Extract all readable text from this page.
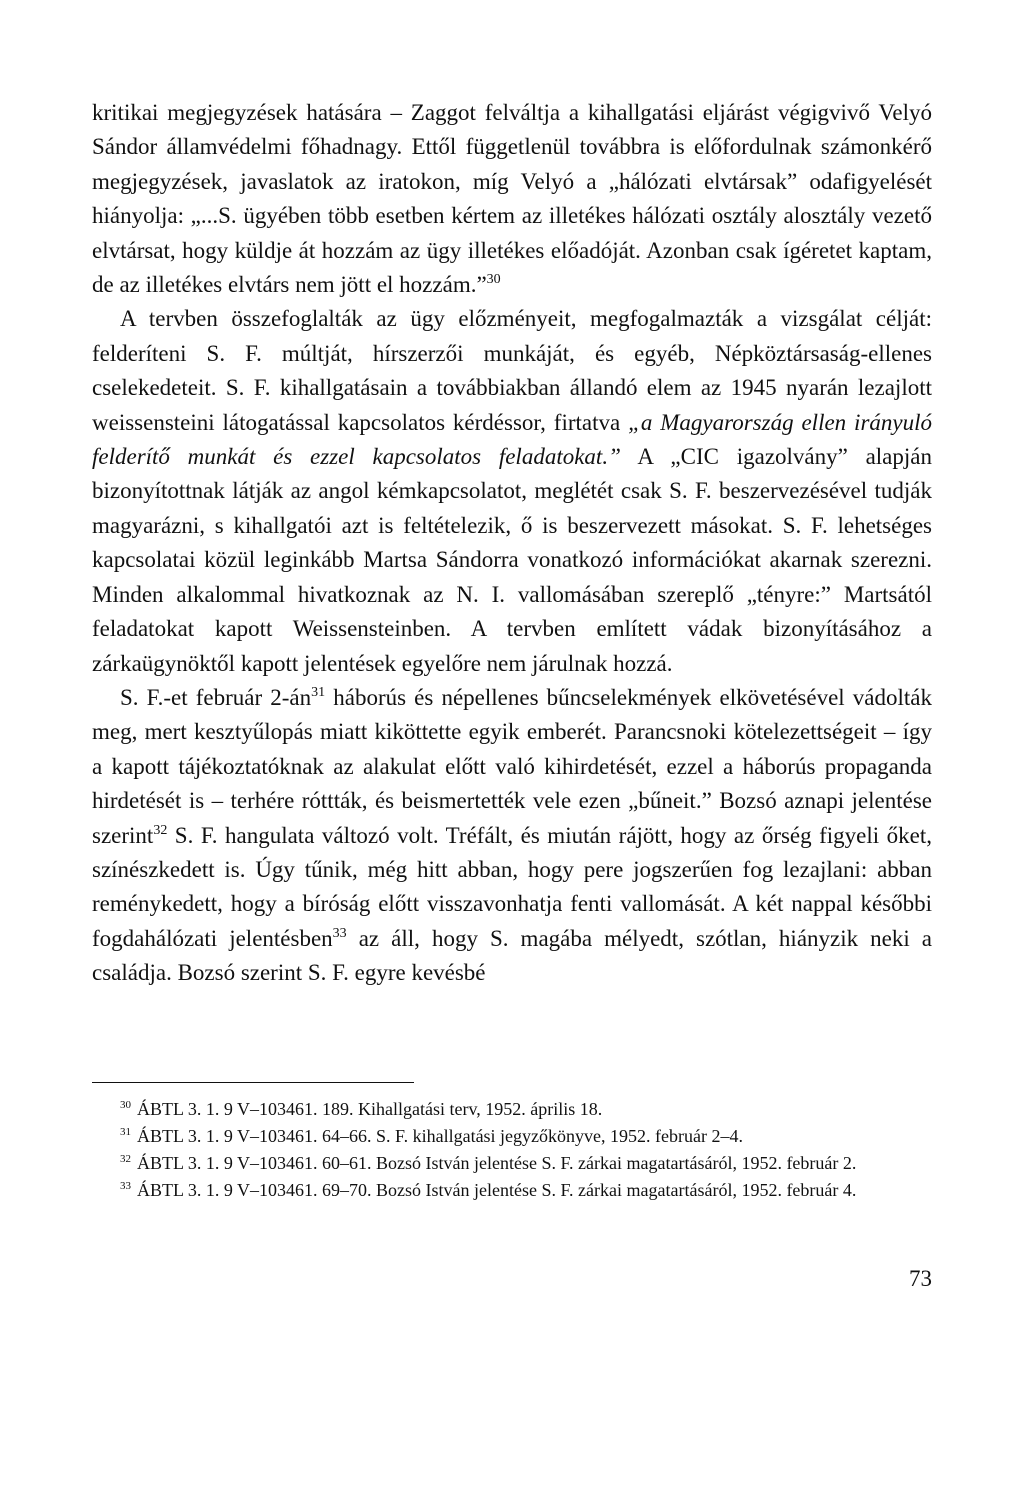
kritikai megjegyzések hatására – Zaggot felváltja a kihallgatási eljárást végigvivő Velyó Sándor államvédelmi főhadnagy. Ettől függetlenül továbbra is előfordulnak számonkérő megjegyzések, javaslatok az iratokon, míg Velyó a „hálózati elvtársak” odafigyelését hiányolja: „...S. ügyében több esetben kértem az illetékes hálózati osztály alosztály vezető elvtársat, hogy küldje át hozzám az ügy illetékes előadóját. Azonban csak ígéretet kaptam, de az illetékes elvtárs nem jött el hozzám.”$^{30}$

A tervben összefoglalták az ügy előzményeit, megfogalmazták a vizsgálat célját: felderíteni S. F. múltját, hírszerzői munkáját, és egyéb, Népköztársaság-ellenes cselekedeteit. S. F. kihallgatásain a továbbiakban állandó elem az 1945 nyarán lezajlott weissensteini látogatással kapcsolatos kérdéssor, firtatva „a Magyarország ellen irányuló felderítő munkát és ezzel kapcsolatos feladatokat.” A „CIC igazolvány” alapján bizonyítottnak látják az angol kémkapcsolatot, meglétét csak S. F. beszervezésével tudják magyarázni, s kihallgatói azt is feltételezik, ő is beszervezett másokat. S. F. lehetséges kapcsolatai közül leginkább Martsa Sándorra vonatkozó információkat akarnak szerezni. Minden alkalommal hivatkoznak az N. I. vallomásában szereplő „tényre:” Martsától feladatokat kapott Weissensteinben. A tervben említett vádak bizonyításához a zárkaügynöktől kapott jelentések egyelőre nem járulnak hozzá.

S. F.-et február $2-án^{31}$ háborús és népellenes bűncselekmények elkövetésével vádolták meg, mert kesztyűlopás miatt kiköttette egyik emberét. Parancsnoki kötelezettségeit – így a kapott tájékoztatóknak az alakulat előtt való kihirdetését, ezzel a háborús propaganda hirdetését is – terhére róttták, és beismertették vele ezen „bűneit.” Bozsó aznapi jelentése szerint$^{32}$ S. F. hangulata változó volt. Tréfált, és miután rájött, hogy az őrség figyeli őket, színészkedett is. Úgy tűnik, még hitt abban, hogy pere jogszerűen fog lezajlani: abban reménykedett, hogy a bíróság előtt visszavonhatja fenti vallomását. A két nappal későbbi fogdahálózati jelentésben$^{33}$ az áll, hogy S. magába mélyedt, szótlan, hiányzik neki a családja. Bozsó szerint S. F. egyre kevésbé

$^{30}$ ÁBTL 3. 1. 9 V–103461. 189. Kihallgatási terv, 1952. április 18.

$^{31}$ ÁBTL 3. 1. 9 V–103461. 64–66. S. F. kihallgatási jegyzőkönyve, 1952. február 2–4.

$^{32}$ ÁBTL 3. 1. 9 V–103461. 60–61. Bozsó István jelentése S. F. zárkai magatartásáról, 1952. február 2.

$^{33}$ ÁBTL 3. 1. 9 V–103461. 69–70. Bozsó István jelentése S. F. zárkai magatartásáról, 1952. február 4.

73
